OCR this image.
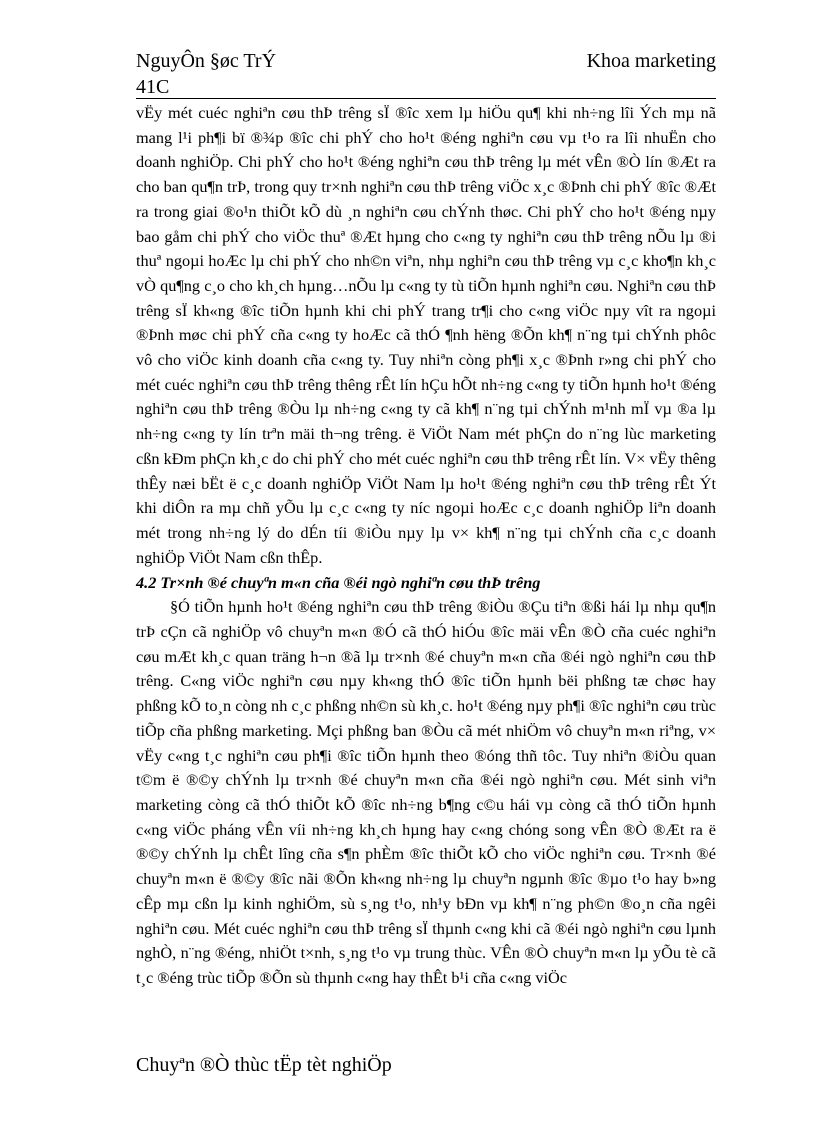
NguyÔn §øc TrÝ
41C
Khoa marketing

vËy mét cuéc nghiªn cøu thÞ trêng sÏ ®îc xem lµ hiÖu qu¶ khi nh÷ng lîi Ých mµ nã mang l¹i ph¶i bï ®¾p ®îc chi phÝ cho ho¹t ®éng nghiªn cøu vµ t¹o ra lîi nhuËn cho doanh nghiÖp. Chi phÝ cho ho¹t ®éng nghiªn cøu thÞ trêng lµ mét vÊn ®Ò lín ®Æt ra cho ban qu¶n trÞ, trong quy tr×nh nghiªn cøu thÞ trêng viÖc x¸c ®Þnh chi phÝ ®îc ®Æt ra trong giai ®o¹n thiÕt kÕ dù ¸n nghiªn cøu chÝnh thøc. Chi phÝ cho ho¹t ®éng nµy bao gåm chi phÝ cho viÖc thuª ®Æt hµng cho c«ng ty nghiªn cøu thÞ trêng nÕu lµ ®i thuª ngoµi hoÆc lµ chi phÝ cho nh©n viªn, nhµ nghiªn cøu thÞ trêng vµ c¸c kho¶n kh¸c vÒ qu¶ng c¸o cho kh¸ch hµng…nÕu lµ c«ng ty tù tiÕn hµnh nghiªn cøu. Nghiªn cøu thÞ trêng sÏ kh«ng ®îc tiÕn hµnh khi chi phÝ trang tr¶i cho c«ng viÖc nµy vît ra ngoµi ®Þnh møc chi phÝ cña c«ng ty hoÆc cã thÓ ¶nh hëng ®Õn kh¶ n¨ng tµi chÝnh phôc vô cho viÖc kinh doanh cña c«ng ty. Tuy nhiªn còng ph¶i x¸c ®Þnh r»ng chi phÝ cho mét cuéc nghiªn cøu thÞ trêng thêng rÊt lín hÇu hÕt nh÷ng c«ng ty tiÕn hµnh ho¹t ®éng nghiªn cøu thÞ trêng ®Òu lµ nh÷ng c«ng ty cã kh¶ n¨ng tµi chÝnh m¹nh mÏ vµ ®a lµ nh÷ng c«ng ty lín trªn mäi th¬ng trêng. ë ViÖt Nam mét phÇn do n¨ng lùc marketing cßn kÐm phÇn kh¸c do chi phÝ cho mét cuéc nghiªn cøu thÞ trêng rÊt lín. V× vËy thêng thÊy næi bËt ë c¸c doanh nghiÖp ViÖt Nam lµ ho¹t ®éng nghiªn cøu thÞ trêng rÊt Ýt khi diÔn ra mµ chñ yÕu lµ c¸c c«ng ty níc ngoµi hoÆc c¸c doanh nghiÖp liªn doanh mét trong nh÷ng lý do dÉn tíi ®iÒu nµy lµ v× kh¶ n¨ng tµi chÝnh cña c¸c doanh nghiÖp ViÖt Nam cßn thÊp.

4.2 Tr×nh ®é chuyªn m«n cña ®éi ngò nghiªn cøu thÞ trêng

§Ó tiÕn hµnh ho¹t ®éng nghiªn cøu thÞ trêng ®iÒu ®Çu tiªn ®ßi hái lµ nhµ qu¶n trÞ cÇn cã nghiÖp vô chuyªn m«n ®Ó cã thÓ hiÓu ®îc mäi vÊn ®Ò cña cuéc nghiªn cøu mÆt kh¸c quan träng h¬n ®ã lµ tr×nh ®é chuyªn m«n cña ®éi ngò nghiªn cøu thÞ trêng. C«ng viÖc nghiªn cøu nµy kh«ng thÓ ®îc tiÕn hµnh bëi phßng tæ chøc hay phßng kÕ to¸n còng nh c¸c phßng nh©n sù kh¸c. ho¹t ®éng nµy ph¶i ®îc nghiªn cøu trùc tiÕp cña phßng marketing. Mçi phßng ban ®Òu cã mét nhiÖm vô chuyªn m«n riªng, v× vËy c«ng t¸c nghiªn cøu ph¶i ®îc tiÕn hµnh theo ®óng thñ tôc. Tuy nhiªn ®iÒu quan t©m ë ®©y chÝnh lµ tr×nh ®é chuyªn m«n cña ®éi ngò nghiªn cøu. Mét sinh viªn marketing còng cã thÓ thiÕt kÕ ®îc nh÷ng b¶ng c©u hái vµ còng cã thÓ tiÕn hµnh c«ng viÖc pháng vÊn víi nh÷ng kh¸ch hµng hay c«ng chóng song vÊn ®Ò ®Æt ra ë ®©y chÝnh lµ chÊt lîng cña s¶n phÈm ®îc thiÕt kÕ cho viÖc nghiªn cøu. Tr×nh ®é chuyªn m«n ë ®©y ®îc nãi ®Õn kh«ng nh÷ng lµ chuyªn ngµnh ®îc ®µo t¹o hay b»ng cÊp mµ cßn lµ kinh nghiÖm, sù s¸ng t¹o, nh¹y bÐn vµ kh¶ n¨ng ph©n ®o¸n cña ngêi nghiªn cøu. Mét cuéc nghiªn cøu thÞ trêng sÏ thµnh c«ng khi cã ®éi ngò nghiªn cøu lµnh nghÒ, n¨ng ®éng, nhiÖt t×nh, s¸ng t¹o vµ trung thùc. VÊn ®Ò chuyªn m«n lµ yÕu tè cã t¸c ®éng trùc tiÕp ®Õn sù thµnh c«ng hay thÊt b¹i cña c«ng viÖc

Chuyªn ®Ò thùc tËp tèt nghiÖp
